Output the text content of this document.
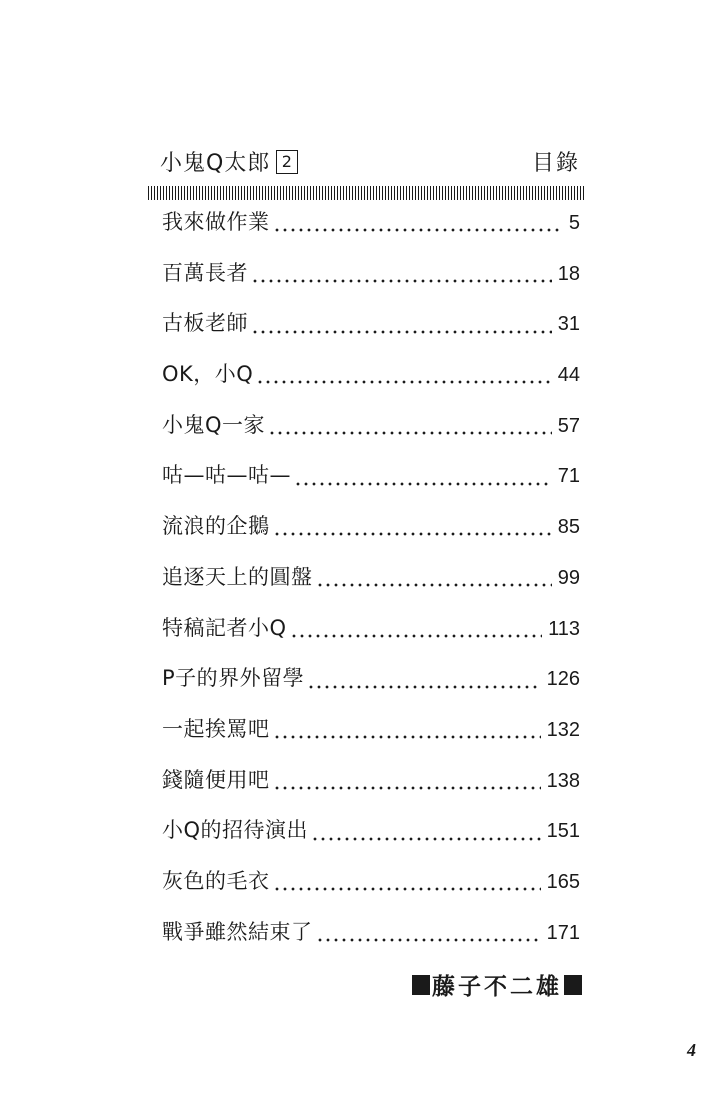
小鬼Q太郎 2	目錄
我來做作業	5
百萬長者	18
古板老師	31
OK，小Q	44
小鬼Q一家	57
咕—咕—咕—	71
流浪的企鵝	85
追逐天上的圓盤	99
特稿記者小Q	113
P子的界外留學	126
一起挨罵吧	132
錢隨便用吧	138
小Q的招待演出	151
灰色的毛衣	165
戰爭雖然結束了	171
藤子不二雄
4
